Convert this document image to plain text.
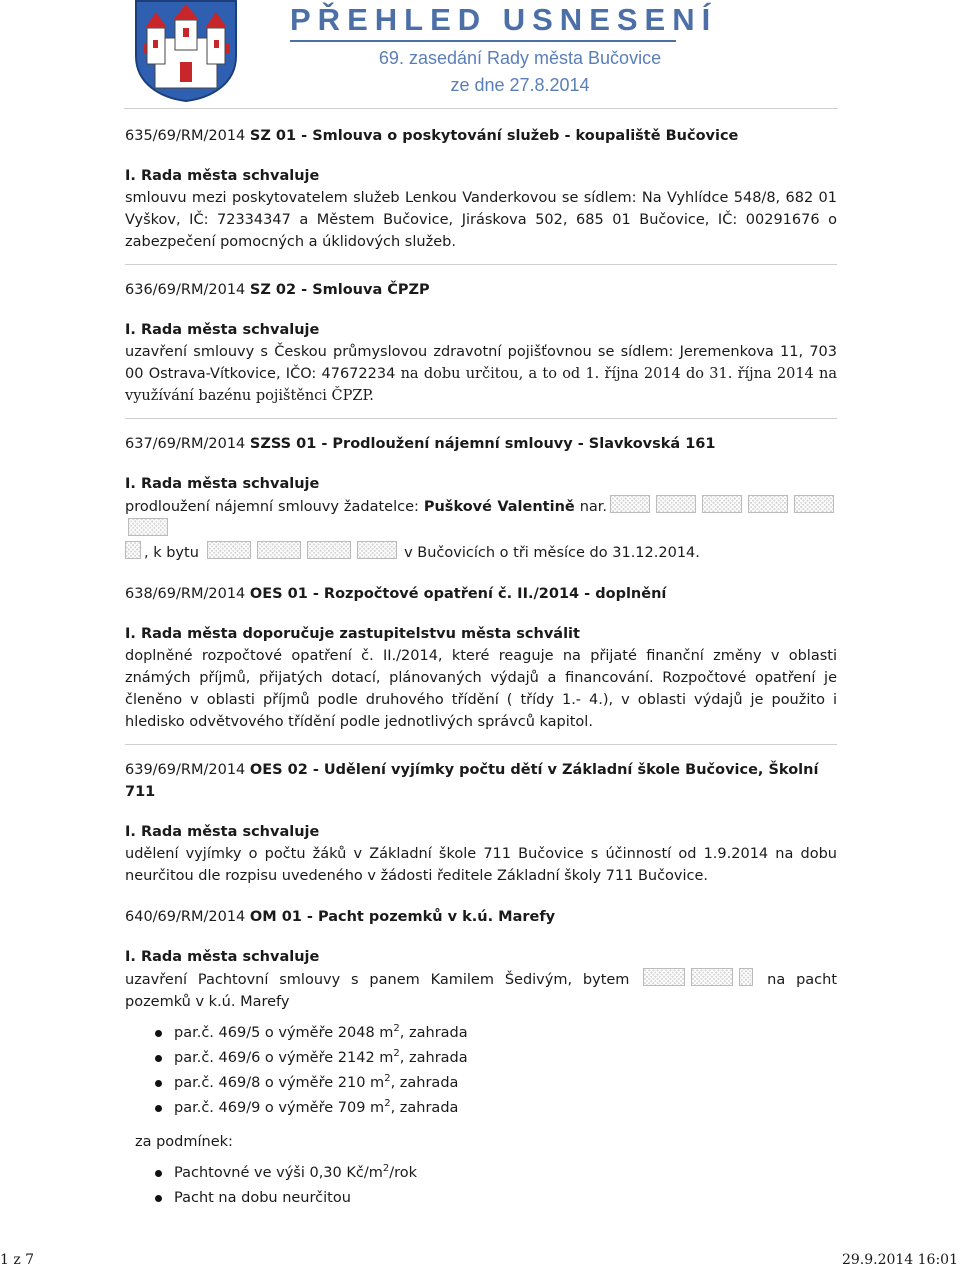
PŘEHLED USNESENÍ
69. zasedání Rady města Bučovice
ze dne 27.8.2014
635/69/RM/2014 SZ 01 - Smlouva o poskytování služeb - koupaliště Bučovice
I. Rada města schvaluje
smlouvu mezi poskytovatelem služeb Lenkou Vanderkovou se sídlem: Na Vyhlídce 548/8, 682 01 Vyškov, IČ: 72334347 a Městem Bučovice, Jiráskova 502, 685 01 Bučovice, IČ: 00291676 o zabezpečení pomocných a úklidových služeb.
636/69/RM/2014 SZ 02 - Smlouva ČPZP
I. Rada města schvaluje
uzavření smlouvy s Českou průmyslovou zdravotní pojišťovnou se sídlem: Jeremenkova 11, 703 00 Ostrava-Vítkovice, IČO: 47672234 na dobu určitou, a to od 1. října 2014 do 31. října 2014 na využívání bazénu pojištěnci ČPZP.
637/69/RM/2014 SZSS 01 - Prodloužení nájemní smlouvy - Slavkovská 161
I. Rada města schvaluje
prodloužení nájemní smlouvy žadatelce: Puškové Valentině nar.
, k bytu	v Bučovicích o tři měsíce do 31.12.2014.
638/69/RM/2014 OES 01 - Rozpočtové opatření č. II./2014 - doplnění
I. Rada města doporučuje zastupitelstvu města schválit
doplněné rozpočtové opatření č. II./2014, které reaguje na přijaté finanční změny v oblasti známých příjmů, přijatých dotací, plánovaných výdajů a financování. Rozpočtové opatření je členěno v oblasti příjmů podle druhového třídění ( třídy 1.- 4.), v oblasti výdajů je použito i hledisko odvětvového třídění podle jednotlivých správců kapitol.
639/69/RM/2014 OES 02 - Udělení vyjímky počtu dětí v Základní škole Bučovice, Školní 711
I. Rada města schvaluje
udělení vyjímky o počtu žáků v Základní škole 711 Bučovice s účinností od 1.9.2014 na dobu neurčitou dle rozpisu uvedeného v žádosti ředitele Základní školy 711 Bučovice.
640/69/RM/2014 OM 01 - Pacht pozemků v k.ú. Marefy
I. Rada města schvaluje
uzavření Pachtovní smlouvy s panem Kamilem Šedivým, bytem	na pacht pozemků v k.ú. Marefy
par.č. 469/5 o výměře 2048 $m^2$, zahrada
par.č. 469/6 o výměře 2142 $m^2$, zahrada
par.č. 469/8 o výměře 210 $m^2$, zahrada
par.č. 469/9 o výměře 709 $m^2$, zahrada
za podmínek:
Pachtovné ve výši 0,30 $Kč/m^2$/rok
Pacht na dobu neurčitou
1 z 7	29.9.2014 16:01
